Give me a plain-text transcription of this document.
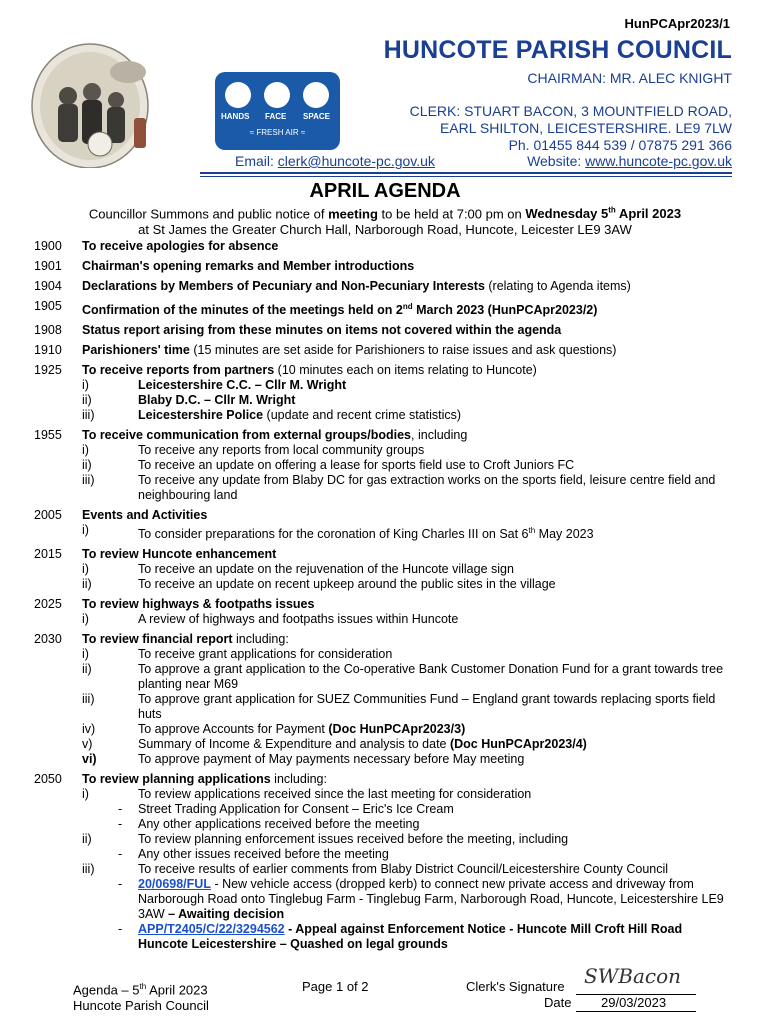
HunPCApr2023/1
HANDS FACE SPACE
≈ FRESH AIR ≈
HUNCOTE PARISH COUNCIL
CHAIRMAN: MR. ALEC KNIGHT
CLERK: STUART BACON, 3 MOUNTFIELD ROAD,
EARL SHILTON, LEICESTERSHIRE. LE9 7LW
Ph. 01455 844 539 / 07875 291 366
Email: clerk@huncote-pc.gov.uk	Website: www.huncote-pc.gov.uk
APRIL AGENDA
Councillor Summons and public notice of meeting to be held at 7:00 pm on Wednesday 5th April 2023
at St James the Greater Church Hall, Narborough Road, Huncote, Leicester LE9 3AW
1900 To receive apologies for absence
1901 Chairman's opening remarks and Member introductions
1904 Declarations by Members of Pecuniary and Non-Pecuniary Interests (relating to Agenda items)
1905 Confirmation of the minutes of the meetings held on 2nd March 2023 (HunPCApr2023/2)
1908 Status report arising from these minutes on items not covered within the agenda
1910 Parishioners' time (15 minutes are set aside for Parishioners to raise issues and ask questions)
1925 To receive reports from partners (10 minutes each on items relating to Huncote)
i)	Leicestershire C.C. – Cllr M. Wright
ii)	Blaby D.C. – Cllr M. Wright
iii)	Leicestershire Police (update and recent crime statistics)
1955 To receive communication from external groups/bodies, including
i)	To receive any reports from local community groups
ii)	To receive an update on offering a lease for sports field use to Croft Juniors FC
iii)	To receive any update from Blaby DC for gas extraction works on the sports field, leisure centre field and neighbouring land
2005 Events and Activities
i)	To consider preparations for the coronation of King Charles III on Sat 6th May 2023
2015 To review Huncote enhancement
i)	To receive an update on the rejuvenation of the Huncote village sign
ii)	To receive an update on recent upkeep around the public sites in the village
2025 To review highways & footpaths issues
i)	A review of highways and footpaths issues within Huncote
2030 To review financial report including:
i)	To receive grant applications for consideration
ii)	To approve a grant application to the Co-operative Bank Customer Donation Fund for a grant towards tree planting near M69
iii)	To approve grant application for SUEZ Communities Fund – England grant towards replacing sports field huts
iv)	To approve Accounts for Payment (Doc HunPCApr2023/3)
v)	Summary of Income & Expenditure and analysis to date (Doc HunPCApr2023/4)
vi)	To approve payment of May payments necessary before May meeting
2050 To review planning applications including:
i)	To review applications received since the last meeting for consideration
- Street Trading Application for Consent – Eric's Ice Cream
- Any other applications received before the meeting
ii)	To review planning enforcement issues received before the meeting, including
- Any other issues received before the meeting
iii)	To receive results of earlier comments from Blaby District Council/Leicestershire County Council
- 20/0698/FUL - New vehicle access (dropped kerb) to connect new private access and driveway from Narborough Road onto Tinglebug Farm - Tinglebug Farm, Narborough Road, Huncote, Leicestershire LE9 3AW – Awaiting decision
- APP/T2405/C/22/3294562 - Appeal against Enforcement Notice - Huncote Mill Croft Hill Road Huncote Leicestershire – Quashed on legal grounds
Agenda – 5th April 2023
Huncote Parish Council
Page 1 of 2	Clerk's Signature SWBacon
Date 29/03/2023
